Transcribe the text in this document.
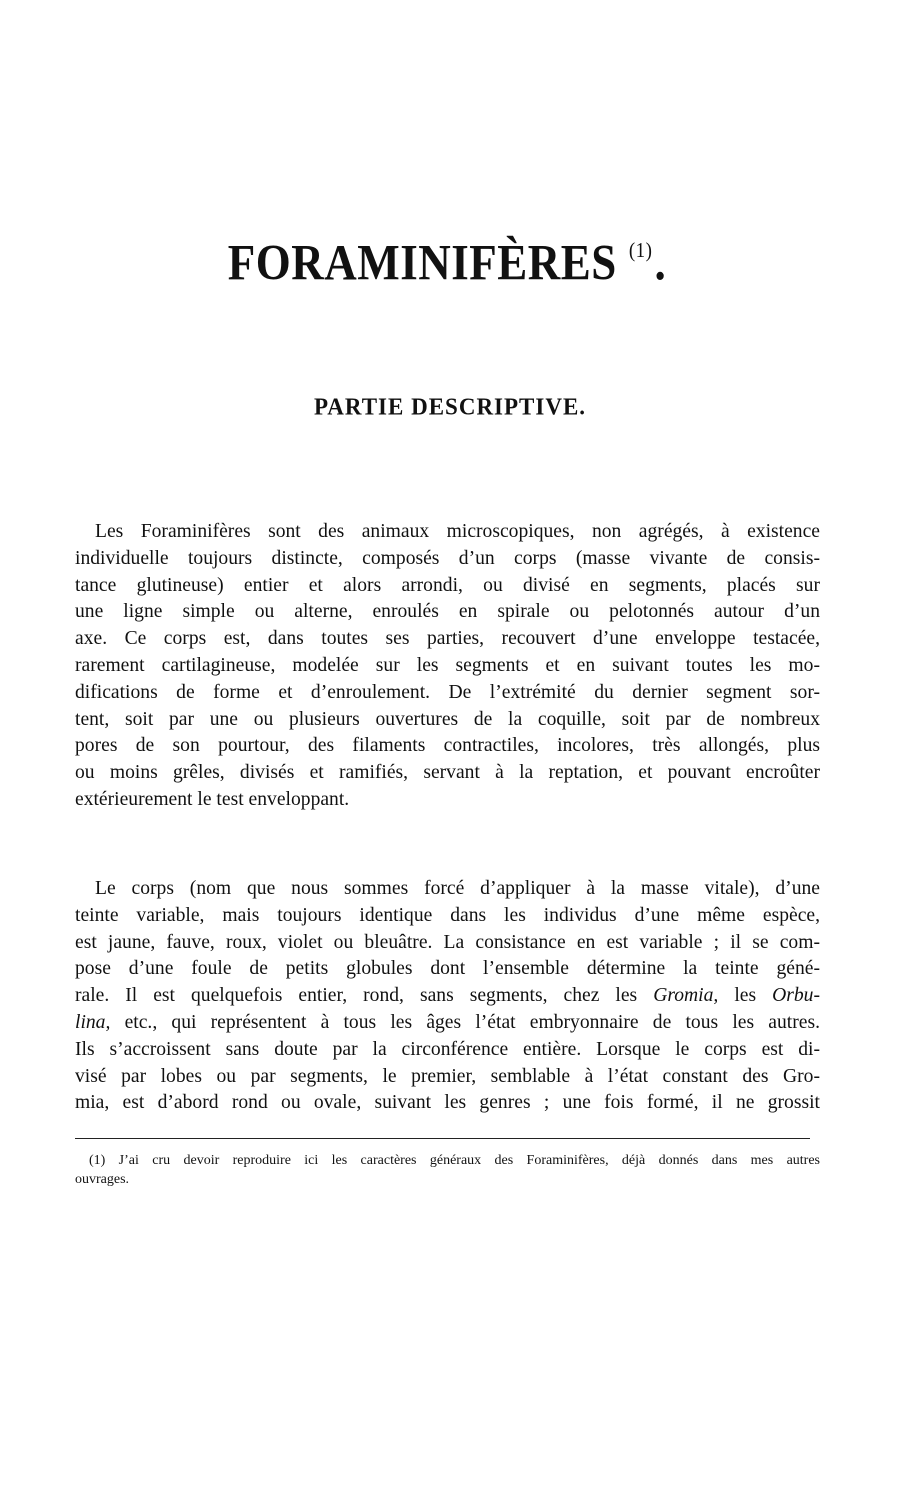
FORAMINIFÈRES $^{(1)}$.
PARTIE DESCRIPTIVE.
Les Foraminifères sont des animaux microscopiques, non agrégés, à existence
individuelle toujours distincte, composés d’un corps (masse vivante de consis-
tance glutineuse) entier et alors arrondi, ou divisé en segments, placés sur
une ligne simple ou alterne, enroulés en spirale ou pelotonnés autour d’un
axe. Ce corps est, dans toutes ses parties, recouvert d’une enveloppe testacée,
rarement cartilagineuse, modelée sur les segments et en suivant toutes les mo-
difications de forme et d’enroulement. De l’extrémité du dernier segment sor-
tent, soit par une ou plusieurs ouvertures de la coquille, soit par de nombreux
pores de son pourtour, des filaments contractiles, incolores, très allongés, plus
ou moins grêles, divisés et ramifiés, servant à la reptation, et pouvant encroûter
extérieurement le test enveloppant.
Le corps (nom que nous sommes forcé d’appliquer à la masse vitale), d’une
teinte variable, mais toujours identique dans les individus d’une même espèce,
est jaune, fauve, roux, violet ou bleuâtre. La consistance en est variable ; il se com-
pose d’une foule de petits globules dont l’ensemble détermine la teinte géné-
rale. Il est quelquefois entier, rond, sans segments, chez les Gromia, les Orbu-
lina, etc., qui représentent à tous les âges l’état embryonnaire de tous les autres.
Ils s’accroissent sans doute par la circonférence entière. Lorsque le corps est di-
visé par lobes ou par segments, le premier, semblable à l’état constant des Gro-
mia, est d’abord rond ou ovale, suivant les genres ; une fois formé, il ne grossit
(1) J’ai cru devoir reproduire ici les caractères généraux des Foraminifères, déjà donnés dans mes autres
ouvrages.
